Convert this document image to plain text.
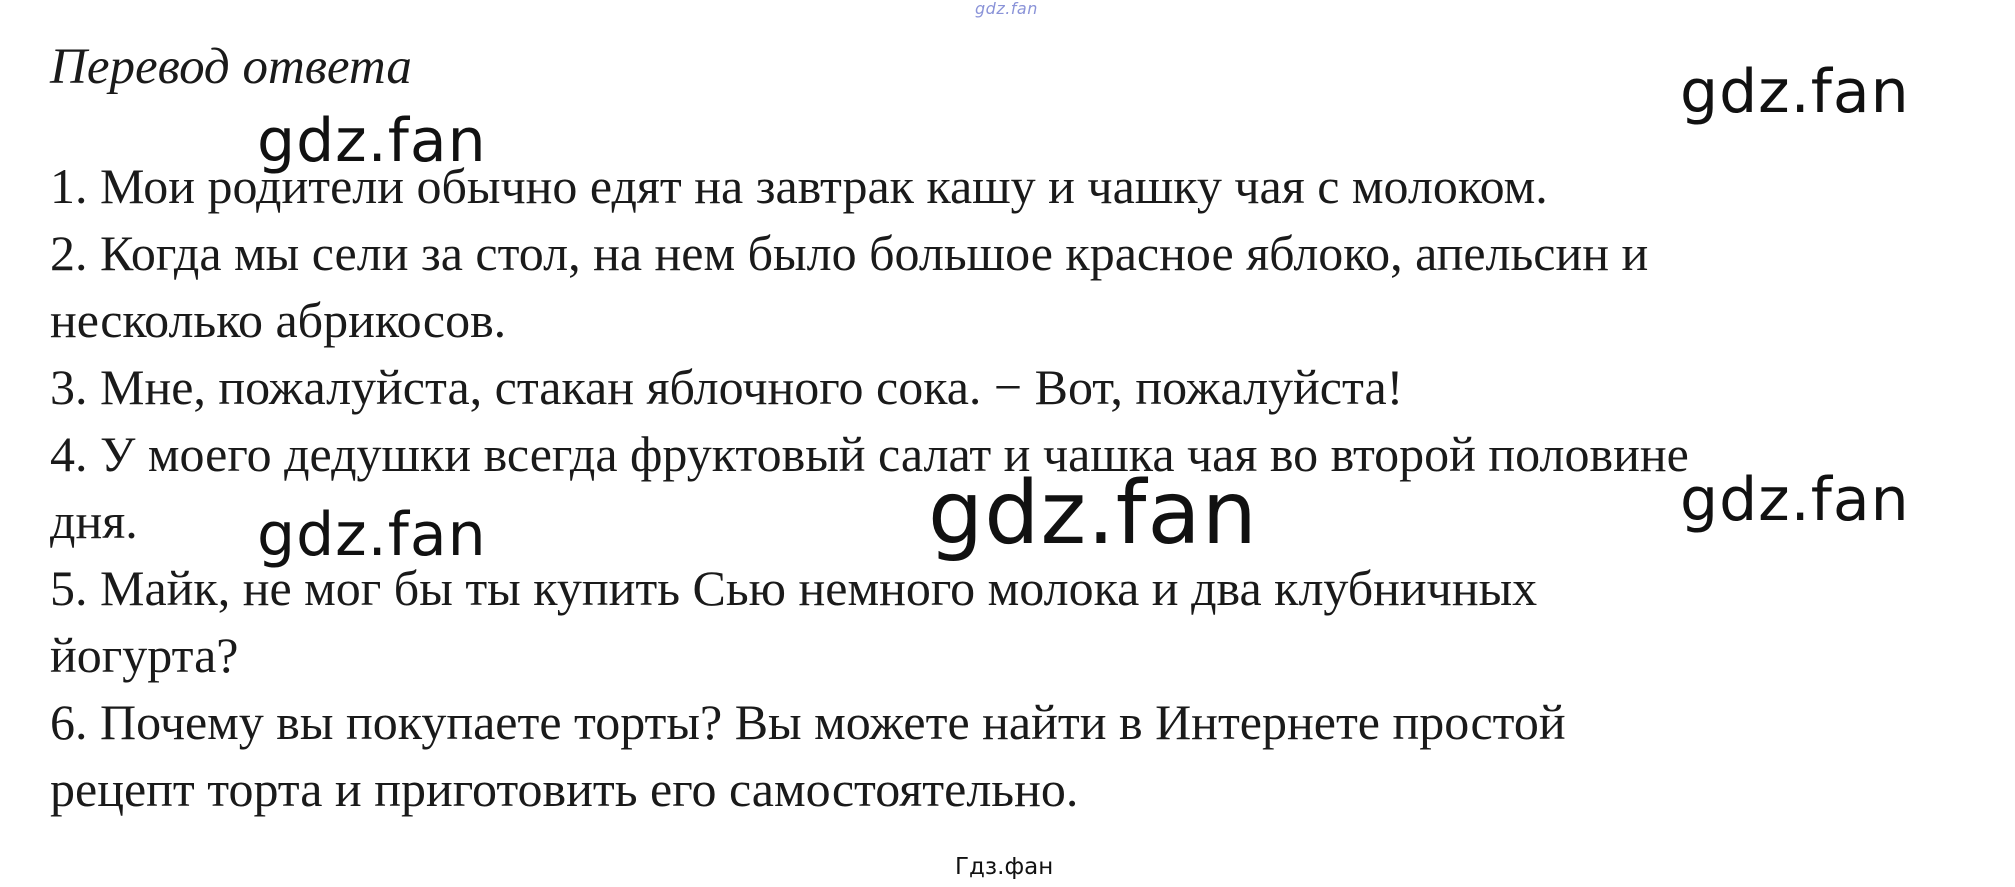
gdz.fan
Перевод ответа
1. Мои родители обычно едят на завтрак кашу и чашку чая с молоком.
2. Когда мы сели за стол, на нем было большое красное яблоко, апельсин и
несколько абрикосов.
3. Мне, пожалуйста, стакан яблочного сока. − Вот, пожалуйста!
4. У моего дедушки всегда фруктовый салат и чашка чая во второй половине
дня.
5. Майк, не мог бы ты купить Сью немного молока и два клубничных
йогурта?
6. Почему вы покупаете торты? Вы можете найти в Интернете простой
рецепт торта и приготовить его самостоятельно.
gdz.fan
gdz.fan
gdz.fan
gdz.fan	gdz.fan
Гдз.фан
